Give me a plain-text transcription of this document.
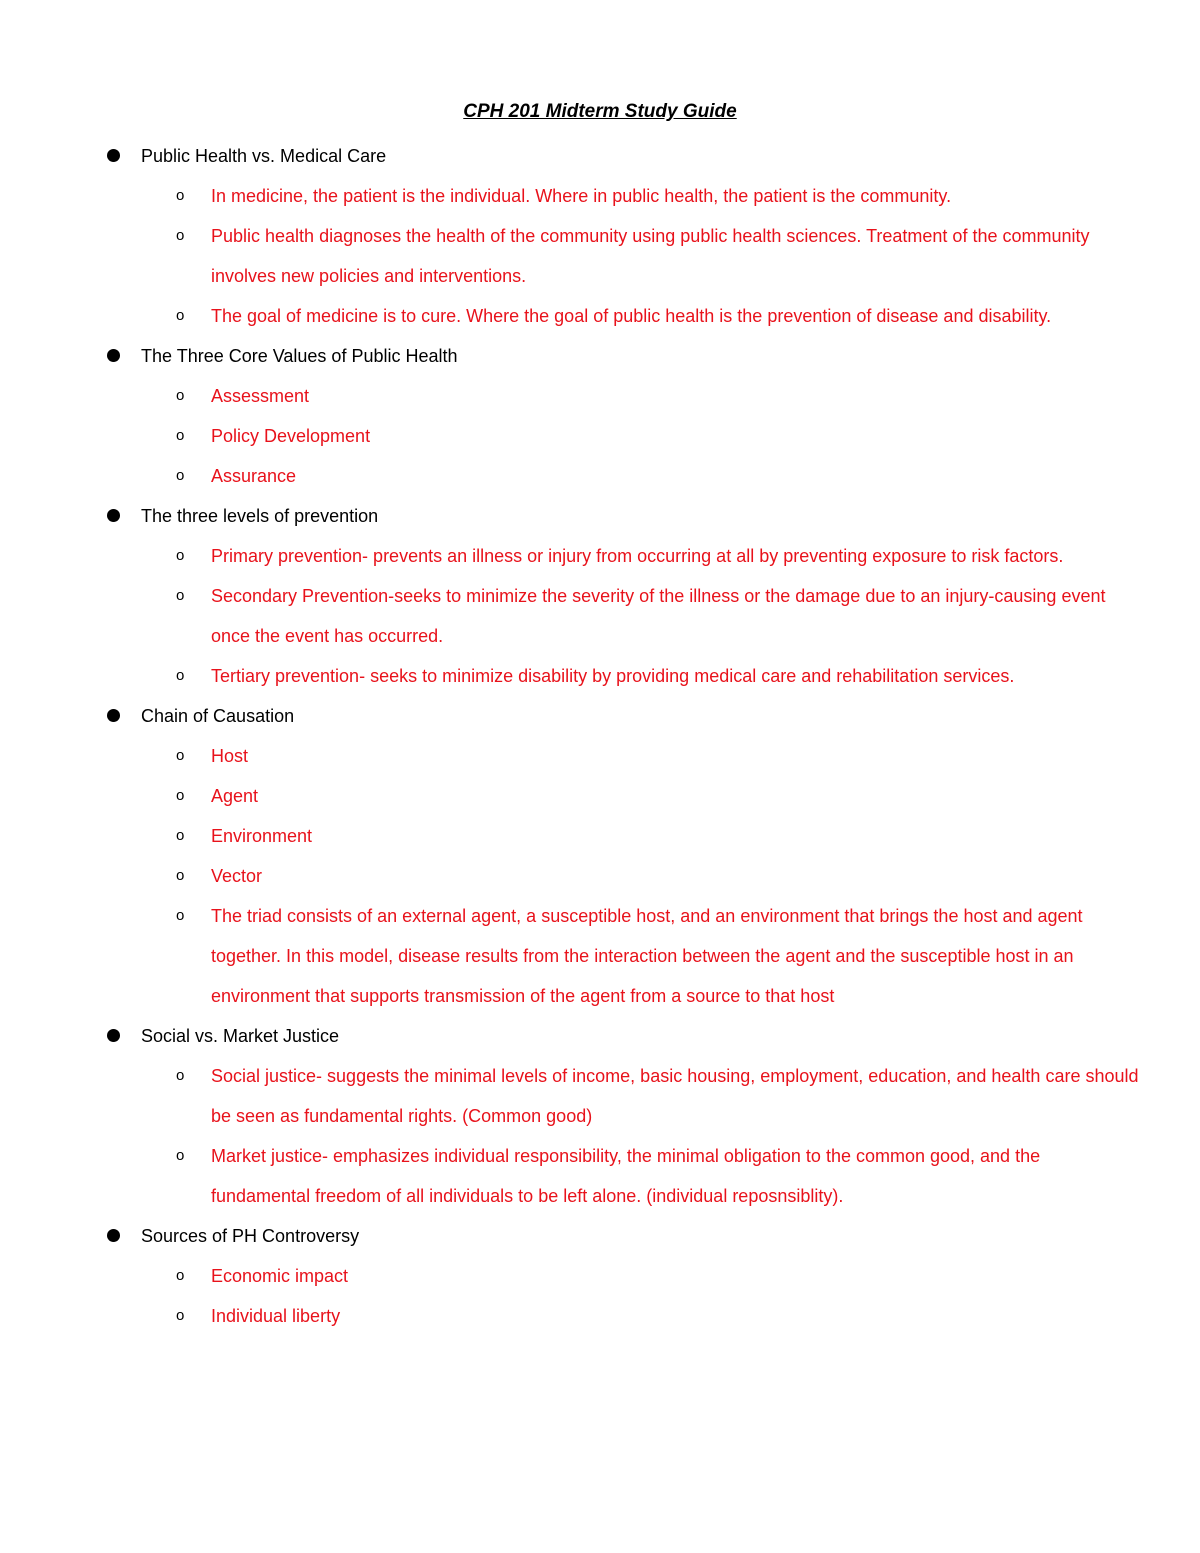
CPH 201 Midterm Study Guide
Public Health vs. Medical Care
o In medicine, the patient is the individual. Where in public health, the patient is the community.
o Public health diagnoses the health of the community using public health sciences. Treatment of the community involves new policies and interventions.
o The goal of medicine is to cure. Where the goal of public health is the prevention of disease and disability.
The Three Core Values of Public Health
o Assessment
o Policy Development
o Assurance
The three levels of prevention
o Primary prevention- prevents an illness or injury from occurring at all by preventing exposure to risk factors.
o Secondary Prevention-seeks to minimize the severity of the illness or the damage due to an injury-causing event once the event has occurred.
o Tertiary prevention- seeks to minimize disability by providing medical care and rehabilitation services.
Chain of Causation
o Host
o Agent
o Environment
o Vector
o The triad consists of an external agent, a susceptible host, and an environment that brings the host and agent together. In this model, disease results from the interaction between the agent and the susceptible host in an environment that supports transmission of the agent from a source to that host
Social vs. Market Justice
o Social justice- suggests the minimal levels of income, basic housing, employment, education, and health care should be seen as fundamental rights. (Common good)
o Market justice- emphasizes individual responsibility, the minimal obligation to the common good, and the fundamental freedom of all individuals to be left alone. (individual reposnsiblity).
Sources of PH Controversy
o Economic impact
o Individual liberty
